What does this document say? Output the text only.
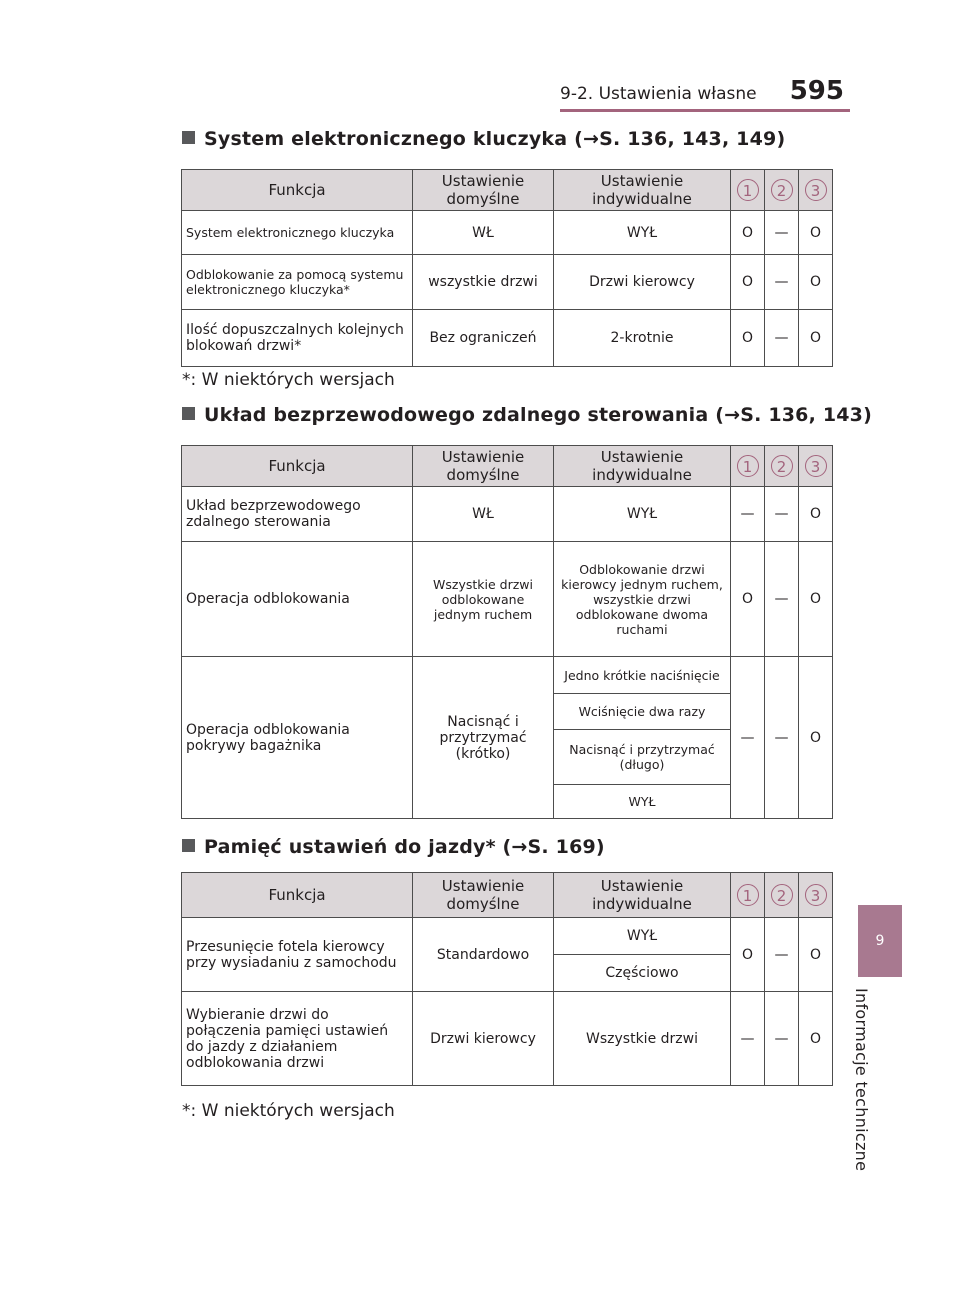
9-2. Ustawienia własne 595
9
Informacje techniczne
System elektronicznego kluczyka (→S. 136, 143, 149)
Funkcja	Ustawienie domyślne	Ustawienie indywidualne	1	2	3
System elektronicznego kluczyka	WŁ	WYŁ	O	—	O
Odblokowanie za pomocą systemu elektronicznego kluczyka*	wszystkie drzwi	Drzwi kierowcy	O	—	O
Ilość dopuszczalnych kolejnych blokowań drzwi*	Bez ograniczeń	2-krotnie	O	—	O
*: W niektórych wersjach
Układ bezprzewodowego zdalnego sterowania (→S. 136, 143)
Funkcja	Ustawienie domyślne	Ustawienie indywidualne	1	2	3
Układ bezprzewodowego zdalnego sterowania	WŁ	WYŁ	—	—	O
Operacja odblokowania	Wszystkie drzwi odblokowane jednym ruchem	Odblokowanie drzwi kierowcy jednym ruchem, wszystkie drzwi odblokowane dwoma ruchami	O	—	O
Operacja odblokowania pokrywy bagażnika	Nacisnąć i przytrzymać (krótko)	Jedno krótkie naciśnięcie	—	—	O
		Wciśnięcie dwa razy			
		Nacisnąć i przytrzymać (długo)			
		WYŁ			
Pamięć ustawień do jazdy* (→S. 169)
Funkcja	Ustawienie domyślne	Ustawienie indywidualne	1	2	3
Przesunięcie fotela kierowcy przy wysiadaniu z samochodu	Standardowo	WYŁ	O	—	O
		Częściowo			
Wybieranie drzwi do połączenia pamięci ustawień do jazdy z działaniem odblokowania drzwi	Drzwi kierowcy	Wszystkie drzwi	—	—	O
*: W niektórych wersjach
